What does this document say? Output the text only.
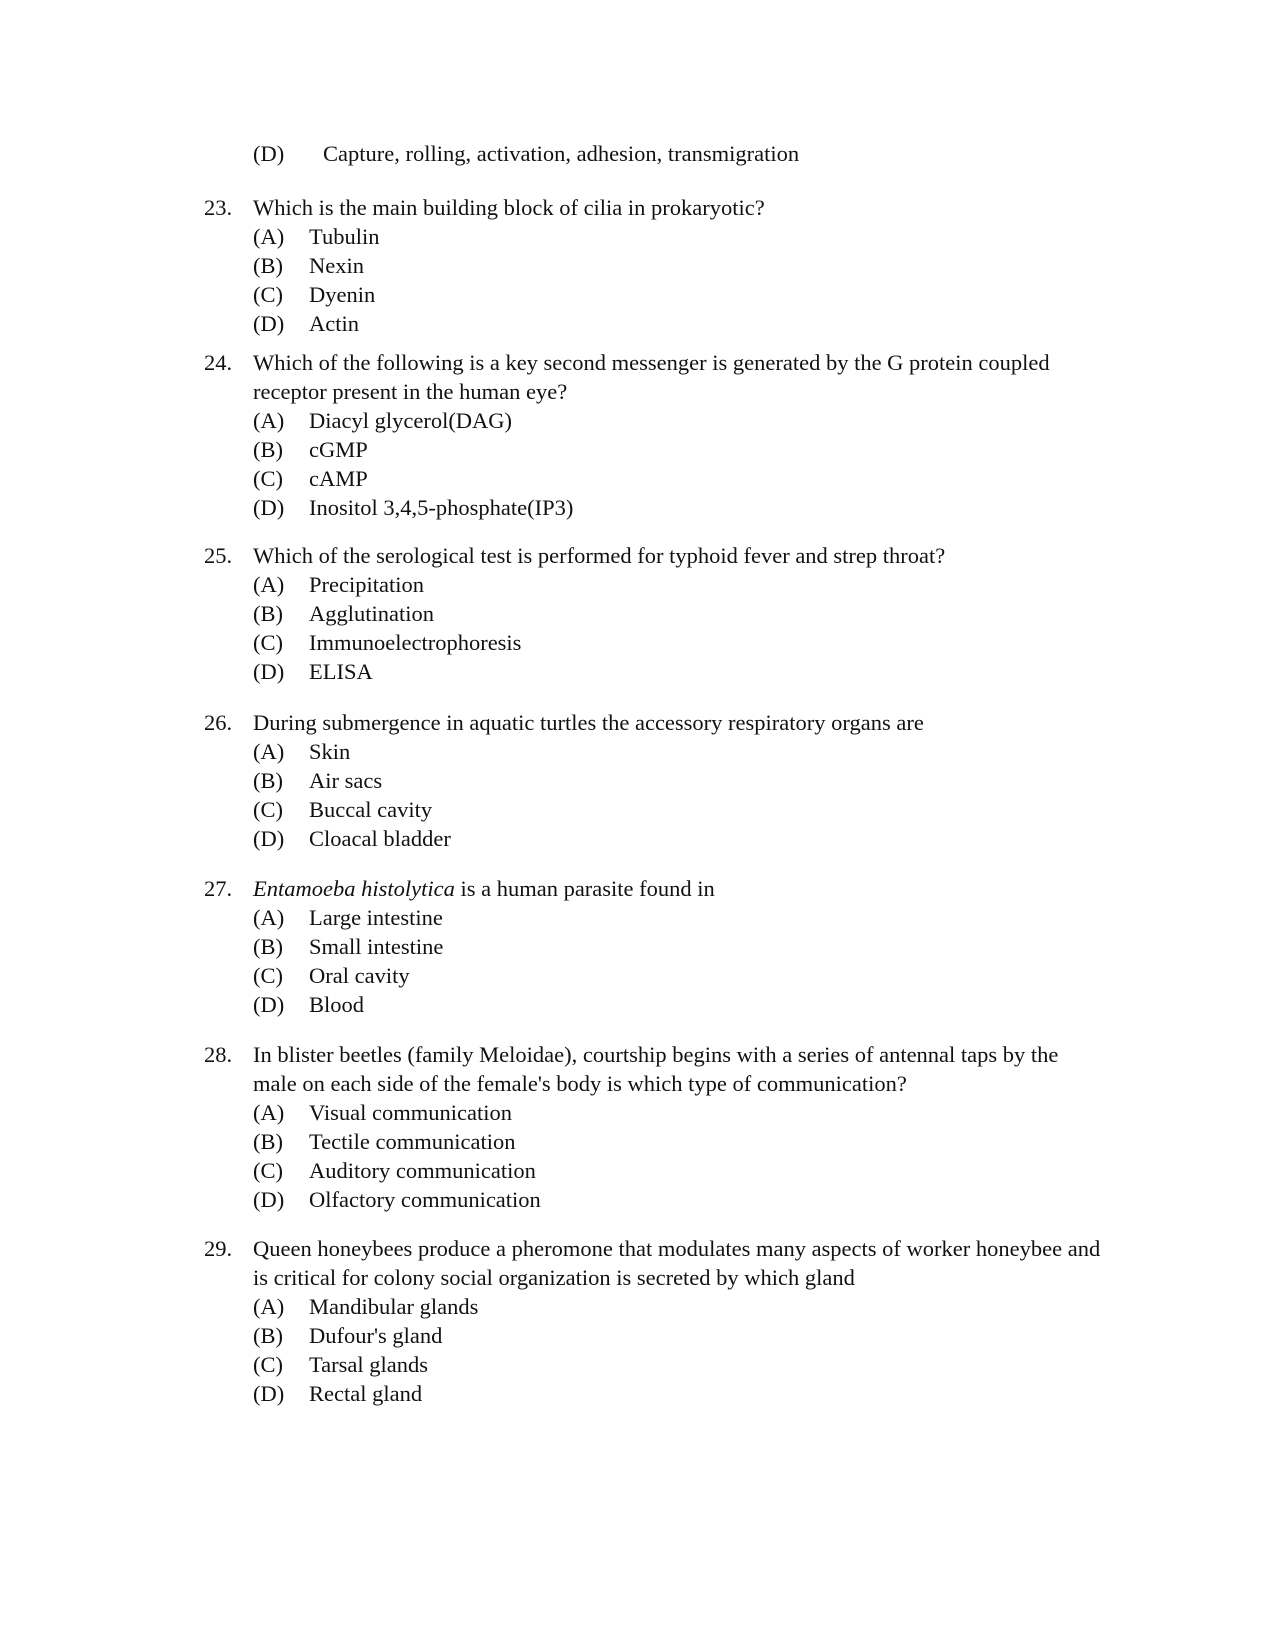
(D) Capture, rolling, activation, adhesion, transmigration
23. Which is the main building block of cilia in prokaryotic?
(A)	Tubulin
(B)	Nexin
(C)	Dyenin
(D)	Actin
24. Which of the following is a key second messenger is generated by the G protein coupled receptor present in the human eye?
(A)	Diacyl glycerol(DAG)
(B)	cGMP
(C)	cAMP
(D)	Inositol 3,4,5-phosphate(IP3)
25. Which of the serological test is performed for typhoid fever and strep throat?
(A)	Precipitation
(B)	Agglutination
(C)	Immunoelectrophoresis
(D)	ELISA
26. During submergence in aquatic turtles the accessory respiratory organs are
(A)	Skin
(B)	Air sacs
(C)	Buccal cavity
(D)	Cloacal bladder
27. Entamoeba histolytica is a human parasite found in
(A)	Large intestine
(B)	Small intestine
(C)	Oral cavity
(D)	Blood
28. In blister beetles (family Meloidae), courtship begins with a series of antennal taps by the male on each side of the female's body is which type of communication?
(A)	Visual communication
(B)	Tectile communication
(C)	Auditory communication
(D)	Olfactory communication
29. Queen honeybees produce a pheromone that modulates many aspects of worker honeybee and is critical for colony social organization is secreted by which gland
(A)	Mandibular glands
(B)	Dufour's gland
(C)	Tarsal glands
(D)	Rectal gland
